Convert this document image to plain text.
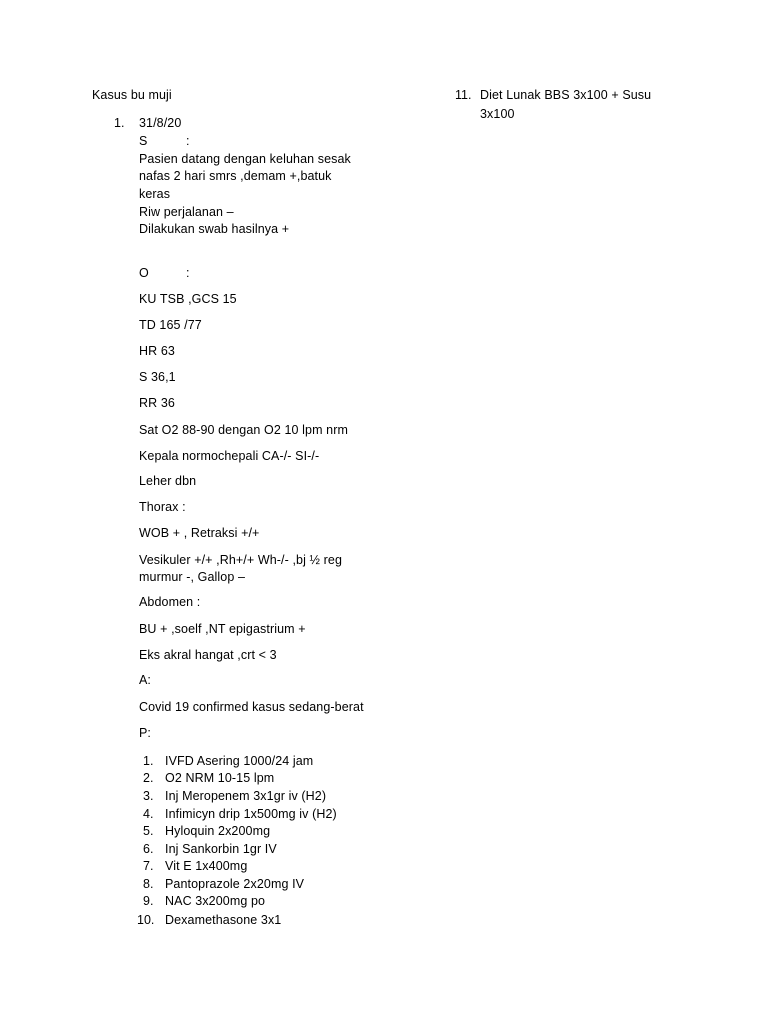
Kasus bu muji
1. 31/8/20
S	:
Pasien datang dengan keluhan sesak
nafas 2 hari smrs ,demam +,batuk
keras
Riw perjalanan –
Dilakukan swab hasilnya +
O	:
KU TSB ,GCS 15
TD 165 /77
HR 63
S 36,1
RR 36
Sat O2 88-90 dengan O2 10 lpm nrm
Kepala normochepali CA-/- SI-/-
Leher dbn
Thorax :
WOB + , Retraksi +/+
Vesikuler +/+ ,Rh+/+ Wh-/- ,bj ½ reg
murmur -, Gallop –
Abdomen :
BU + ,soelf ,NT epigastrium +
Eks akral hangat ,crt < 3
A:
Covid 19 confirmed kasus sedang-berat
P:
1. IVFD Asering 1000/24 jam
2. O2 NRM 10-15 lpm
3. Inj Meropenem 3x1gr iv (H2)
4. Infimicyn drip 1x500mg iv (H2)
5. Hyloquin 2x200mg
6. Inj Sankorbin 1gr IV
7. Vit E 1x400mg
8. Pantoprazole 2x20mg IV
9. NAC 3x200mg po
10. Dexamethasone 3x1
11. Diet Lunak BBS 3x100 + Susu
3x100
